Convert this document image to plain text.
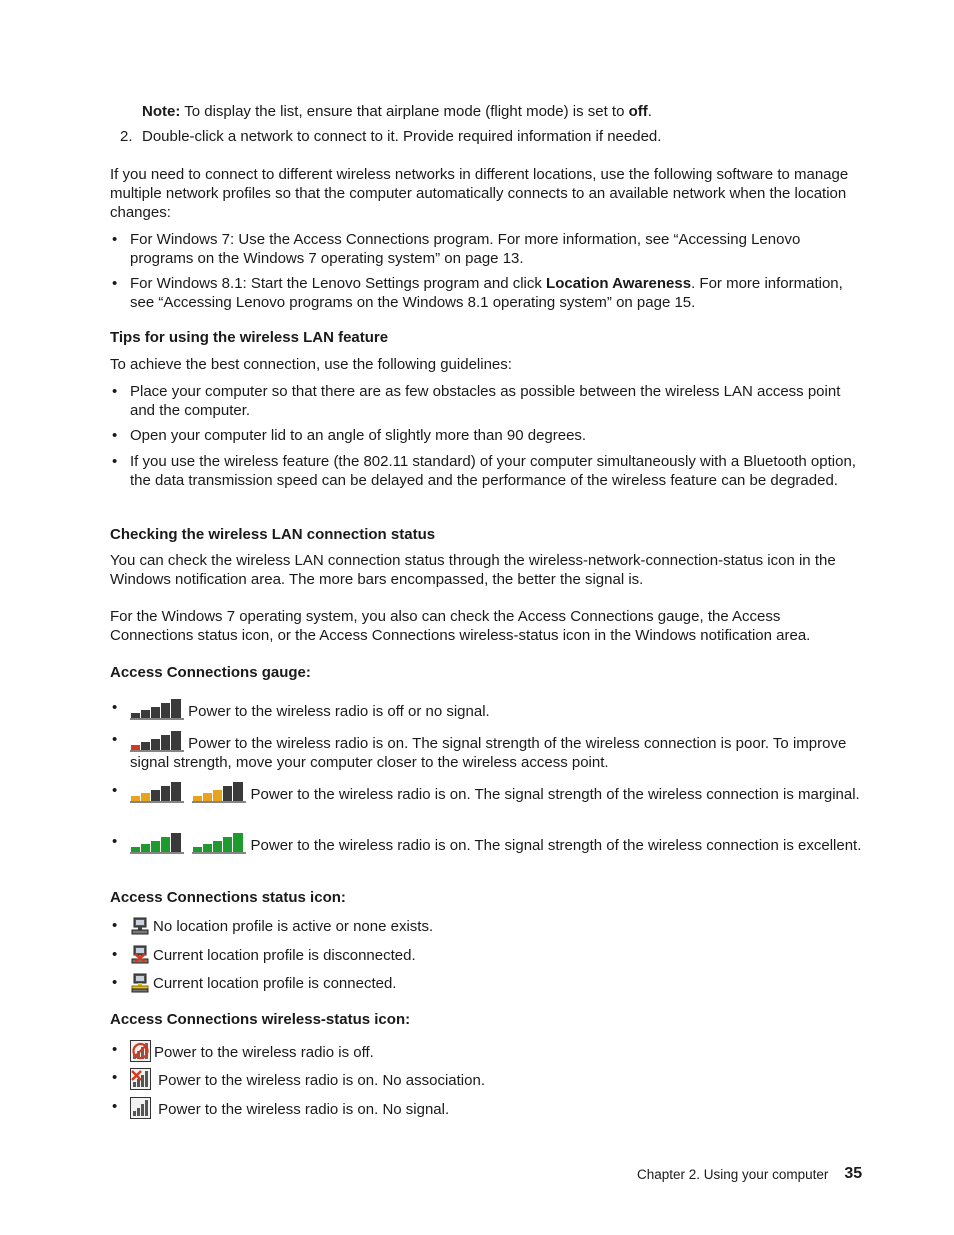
Note: To display the list, ensure that airplane mode (flight mode) is set to off.

2. Double-click a network to connect to it. Provide required information if needed.

If you need to connect to different wireless networks in different locations, use the following software to manage multiple network profiles so that the computer automatically connects to an available network when the location changes:

• For Windows 7: Use the Access Connections program. For more information, see “Accessing Lenovo programs on the Windows 7 operating system” on page 13.

• For Windows 8.1: Start the Lenovo Settings program and click Location Awareness. For more information, see “Accessing Lenovo programs on the Windows 8.1 operating system” on page 15.

Tips for using the wireless LAN feature

To achieve the best connection, use the following guidelines:

• Place your computer so that there are as few obstacles as possible between the wireless LAN access point and the computer.

• Open your computer lid to an angle of slightly more than 90 degrees.

• If you use the wireless feature (the 802.11 standard) of your computer simultaneously with a Bluetooth option, the data transmission speed can be delayed and the performance of the wireless feature can be degraded.

Checking the wireless LAN connection status

You can check the wireless LAN connection status through the wireless-network-connection-status icon in the Windows notification area. The more bars encompassed, the better the signal is.

For the Windows 7 operating system, you also can check the Access Connections gauge, the Access Connections status icon, or the Access Connections wireless-status icon in the Windows notification area.

Access Connections gauge:

•	Power to the wireless radio is off or no signal.

•	Power to the wireless radio is on. The signal strength of the wireless connection is poor. To improve signal strength, move your computer closer to the wireless access point.

•

	Power to the wireless radio is on. The signal strength of the wireless connection is marginal.

•

	Power to the wireless radio is on. The signal strength of the wireless connection is excellent.

Access Connections status icon:

•	No location profile is active or none exists.

•	Current location profile is disconnected.

•	Current location profile is connected.

Access Connections wireless-status icon:

•	Power to the wireless radio is off.

•	Power to the wireless radio is on. No association.

•	Power to the wireless radio is on. No signal.

Chapter 2. Using your computer 35
